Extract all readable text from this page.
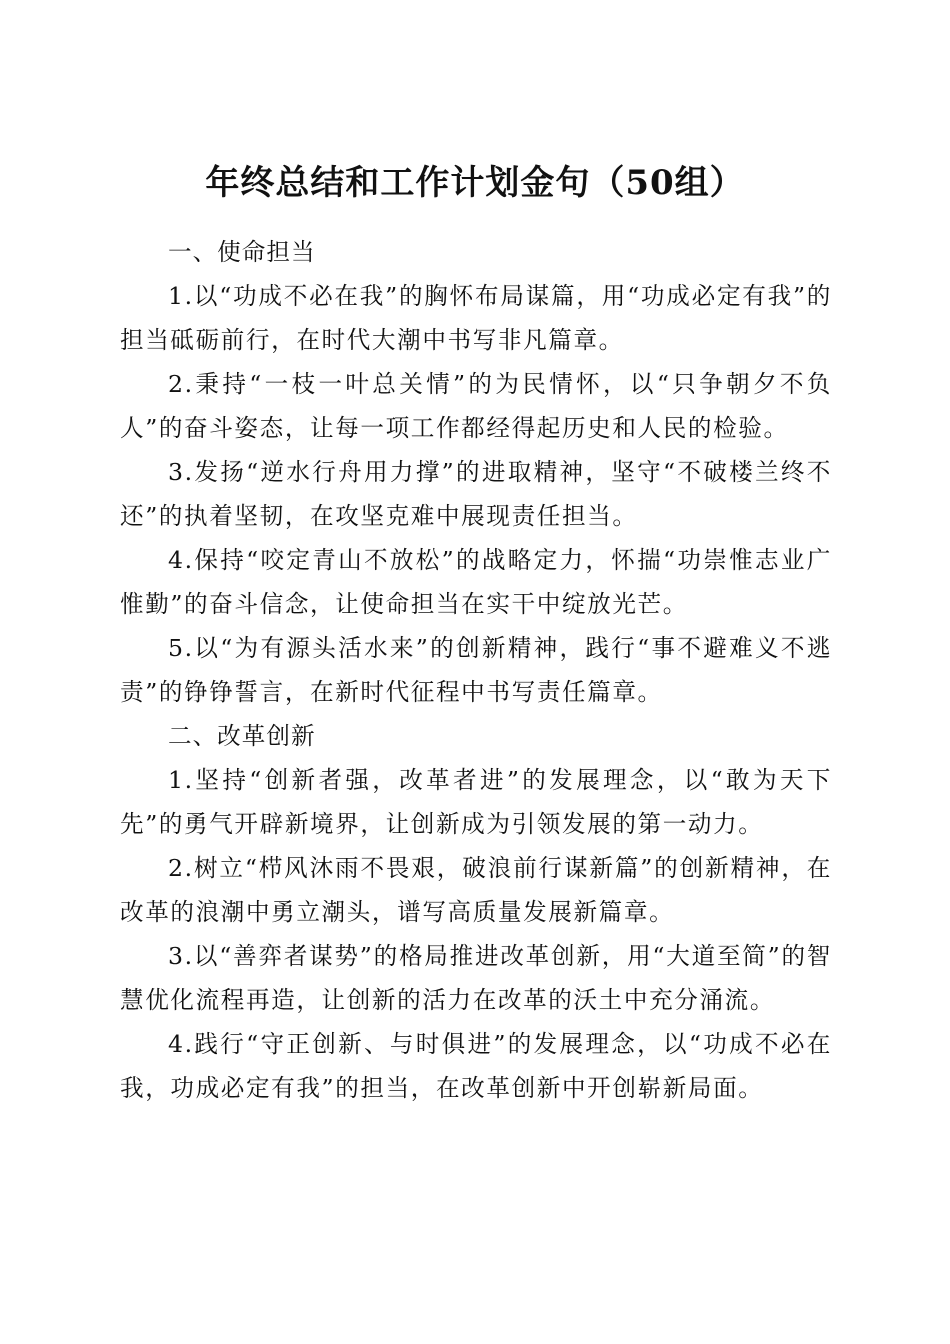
年终总结和工作计划金句（50组）

一、使命担当

1.以“功成不必在我”的胸怀布局谋篇，用“功成必定有我”的担当砥砺前行，在时代大潮中书写非凡篇章。

2.秉持“一枝一叶总关情”的为民情怀，以“只争朝夕不负人”的奋斗姿态，让每一项工作都经得起历史和人民的检验。

3.发扬“逆水行舟用力撑”的进取精神，坚守“不破楼兰终不还”的执着坚韧，在攻坚克难中展现责任担当。

4.保持“咬定青山不放松”的战略定力，怀揣“功崇惟志业广惟勤”的奋斗信念，让使命担当在实干中绽放光芒。

5.以“为有源头活水来”的创新精神，践行“事不避难义不逃责”的铮铮誓言，在新时代征程中书写责任篇章。

二、改革创新

1.坚持“创新者强，改革者进”的发展理念，以“敢为天下先”的勇气开辟新境界，让创新成为引领发展的第一动力。

2.树立“栉风沐雨不畏艰，破浪前行谋新篇”的创新精神，在改革的浪潮中勇立潮头，谱写高质量发展新篇章。

3.以“善弈者谋势”的格局推进改革创新，用“大道至简”的智慧优化流程再造，让创新的活力在改革的沃土中充分涌流。

4.践行“守正创新、与时俱进”的发展理念，以“功成不必在我，功成必定有我”的担当，在改革创新中开创崭新局面。
